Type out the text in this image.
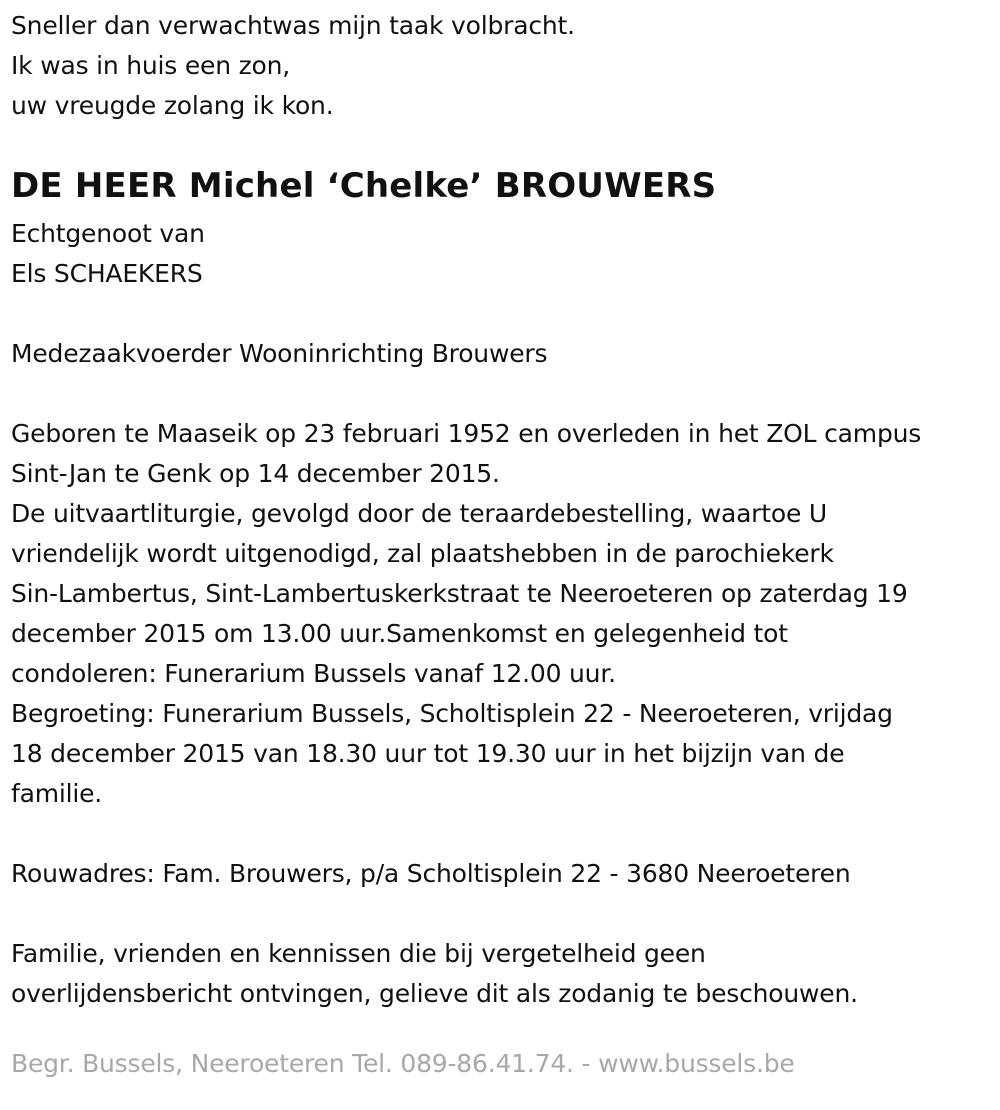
Sneller dan verwachtwas mijn taak volbracht.
Ik was in huis een zon,
uw vreugde zolang ik kon.
DE HEER Michel ‘Chelke’ BROUWERS
Echtgenoot van
Els SCHAEKERS
Medezaakvoerder Wooninrichting Brouwers
Geboren te Maaseik op 23 februari 1952 en overleden in het ZOL campus
Sint-Jan te Genk op 14 december 2015.
De uitvaartliturgie, gevolgd door de teraardebestelling, waartoe U
vriendelijk wordt uitgenodigd, zal plaatshebben in de parochiekerk
Sin-Lambertus, Sint-Lambertuskerkstraat te Neeroeteren op zaterdag 19
december 2015 om 13.00 uur.Samenkomst en gelegenheid tot
condoleren: Funerarium Bussels vanaf 12.00 uur.
Begroeting: Funerarium Bussels, Scholtisplein 22 - Neeroeteren, vrijdag
18 december 2015 van 18.30 uur tot 19.30 uur in het bijzijn van de
familie.
Rouwadres: Fam. Brouwers, p/a Scholtisplein 22 - 3680 Neeroeteren
Familie, vrienden en kennissen die bij vergetelheid geen
overlijdensbericht ontvingen, gelieve dit als zodanig te beschouwen.
Begr. Bussels, Neeroeteren Tel. 089-86.41.74. - www.bussels.be
